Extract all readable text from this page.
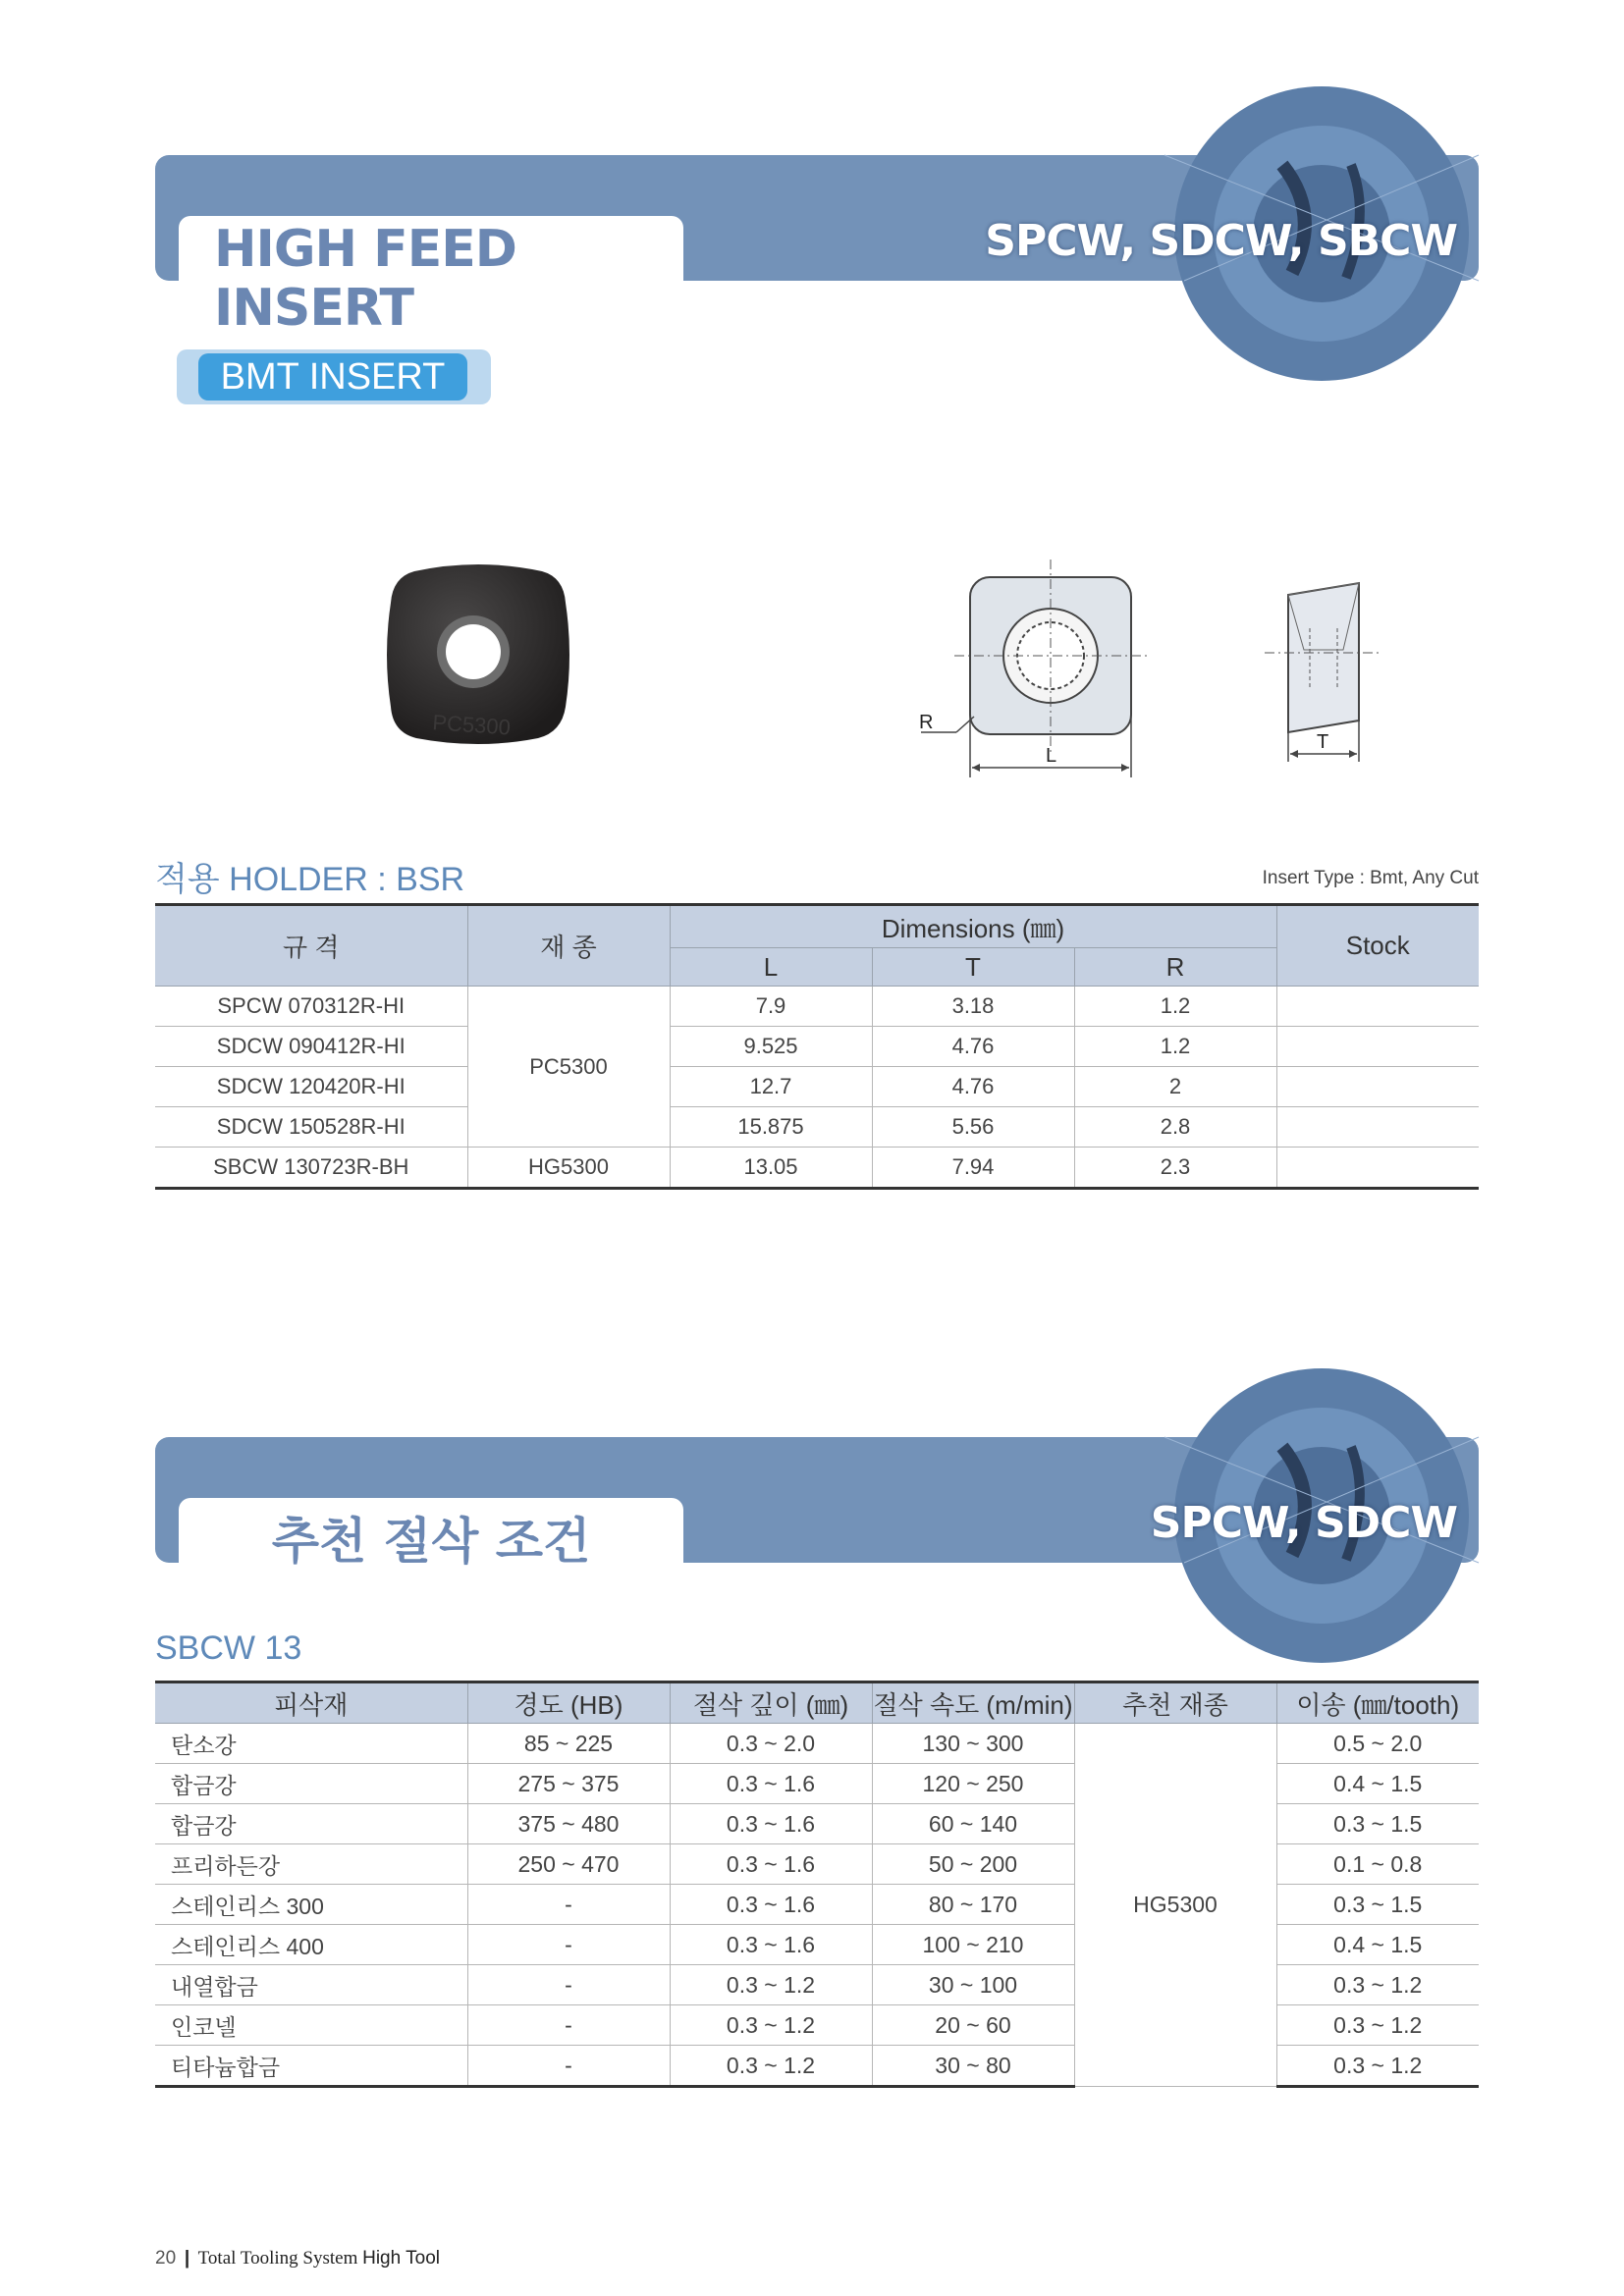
HIGH FEED INSERT
SPCW, SDCW, SBCW
BMT INSERT
PC5300	R
L
T
적용 HOLDER : BSR	Insert Type : Bmt, Any Cut
규 격	재 종	Dimensions (㎜)			Stock
		L	T	R	
SPCW 070312R-HI	PC5300	7.9	3.18	1.2	
SDCW 090412R-HI		9.525	4.76	1.2	
SDCW 120420R-HI		12.7	4.76	2	
SDCW 150528R-HI		15.875	5.56	2.8	
SBCW 130723R-BH	HG5300	13.05	7.94	2.3	
추천 절삭 조건	SPCW, SDCW
SBCW 13
피삭재	경도 (HB)	절삭 깊이 (㎜)	절삭 속도 (m/min)	추천 재종	이송 (㎜/tooth)
탄소강	85 ~ 225	0.3 ~ 2.0	130 ~ 300	HG5300	0.5 ~ 2.0
합금강	275 ~ 375	0.3 ~ 1.6	120 ~ 250		0.4 ~ 1.5
합금강	375 ~ 480	0.3 ~ 1.6	60 ~ 140		0.3 ~ 1.5
프리하든강	250 ~ 470	0.3 ~ 1.6	50 ~ 200		0.1 ~ 0.8
스테인리스 300	-	0.3 ~ 1.6	80 ~ 170		0.3 ~ 1.5
스테인리스 400	-	0.3 ~ 1.6	100 ~ 210		0.4 ~ 1.5
내열합금	-	0.3 ~ 1.2	30 ~ 100		0.3 ~ 1.2
인코넬	-	0.3 ~ 1.2	20 ~ 60		0.3 ~ 1.2
티타늄합금	-	0.3 ~ 1.2	30 ~ 80		0.3 ~ 1.2
20 | Total Tooling System High Tool
